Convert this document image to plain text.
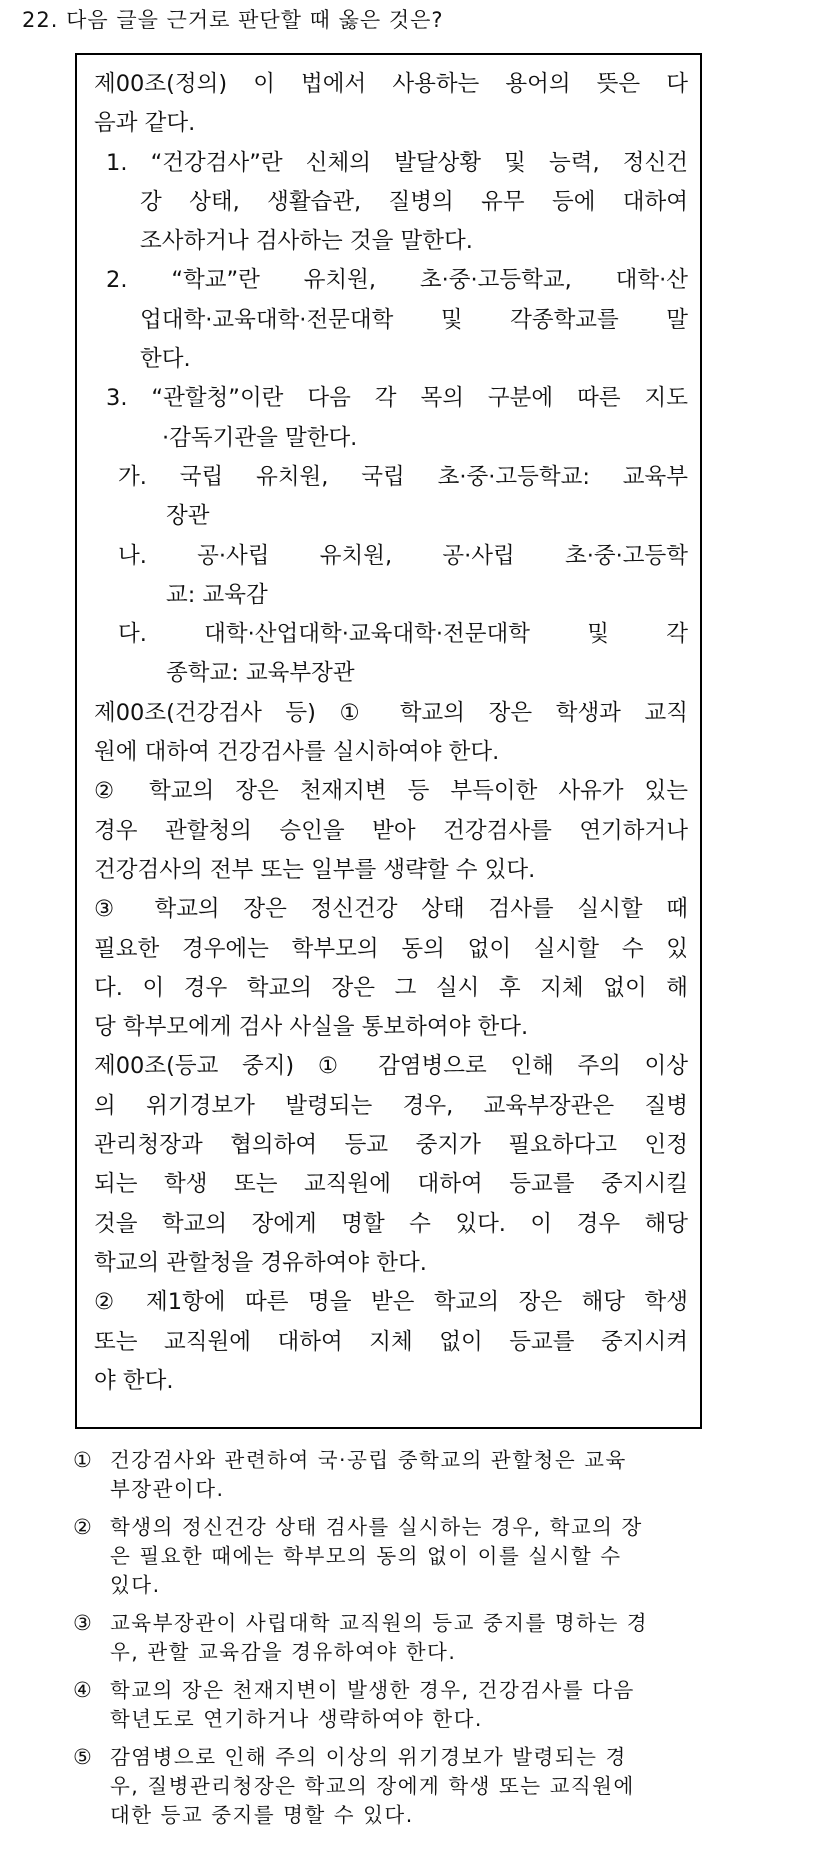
22. 다음 글을 근거로 판단할 때 옳은 것은?
제00조(정의) 이 법에서 사용하는 용어의 뜻은 다
음과 같다.
1. “건강검사”란 신체의 발달상황 및 능력, 정신건
강 상태, 생활습관, 질병의 유무 등에 대하여
조사하거나 검사하는 것을 말한다.
2. “학교”란 유치원, 초·중·고등학교, 대학·산
업대학·교육대학·전문대학 및 각종학교를 말
한다.
3. “관할청”이란 다음 각 목의 구분에 따른 지도
·감독기관을 말한다.
가. 국립 유치원, 국립 초·중·고등학교: 교육부
장관
나. 공·사립 유치원, 공·사립 초·중·고등학
교: 교육감
다. 대학·산업대학·교육대학·전문대학 및 각
종학교: 교육부장관
제00조(건강검사 등) ① 학교의 장은 학생과 교직
원에 대하여 건강검사를 실시하여야 한다.
② 학교의 장은 천재지변 등 부득이한 사유가 있는
경우 관할청의 승인을 받아 건강검사를 연기하거나
건강검사의 전부 또는 일부를 생략할 수 있다.
③ 학교의 장은 정신건강 상태 검사를 실시할 때
필요한 경우에는 학부모의 동의 없이 실시할 수 있
다. 이 경우 학교의 장은 그 실시 후 지체 없이 해
당 학부모에게 검사 사실을 통보하여야 한다.
제00조(등교 중지) ① 감염병으로 인해 주의 이상
의 위기경보가 발령되는 경우, 교육부장관은 질병
관리청장과 협의하여 등교 중지가 필요하다고 인정
되는 학생 또는 교직원에 대하여 등교를 중지시킬
것을 학교의 장에게 명할 수 있다. 이 경우 해당
학교의 관할청을 경유하여야 한다.
② 제1항에 따른 명을 받은 학교의 장은 해당 학생
또는 교직원에 대하여 지체 없이 등교를 중지시켜
야 한다.
① 건강검사와 관련하여 국·공립 중학교의 관할청은 교육
부장관이다.
② 학생의 정신건강 상태 검사를 실시하는 경우, 학교의 장
은 필요한 때에는 학부모의 동의 없이 이를 실시할 수
있다.
③ 교육부장관이 사립대학 교직원의 등교 중지를 명하는 경
우, 관할 교육감을 경유하여야 한다.
④ 학교의 장은 천재지변이 발생한 경우, 건강검사를 다음
학년도로 연기하거나 생략하여야 한다.
⑤ 감염병으로 인해 주의 이상의 위기경보가 발령되는 경
우, 질병관리청장은 학교의 장에게 학생 또는 교직원에
대한 등교 중지를 명할 수 있다.
